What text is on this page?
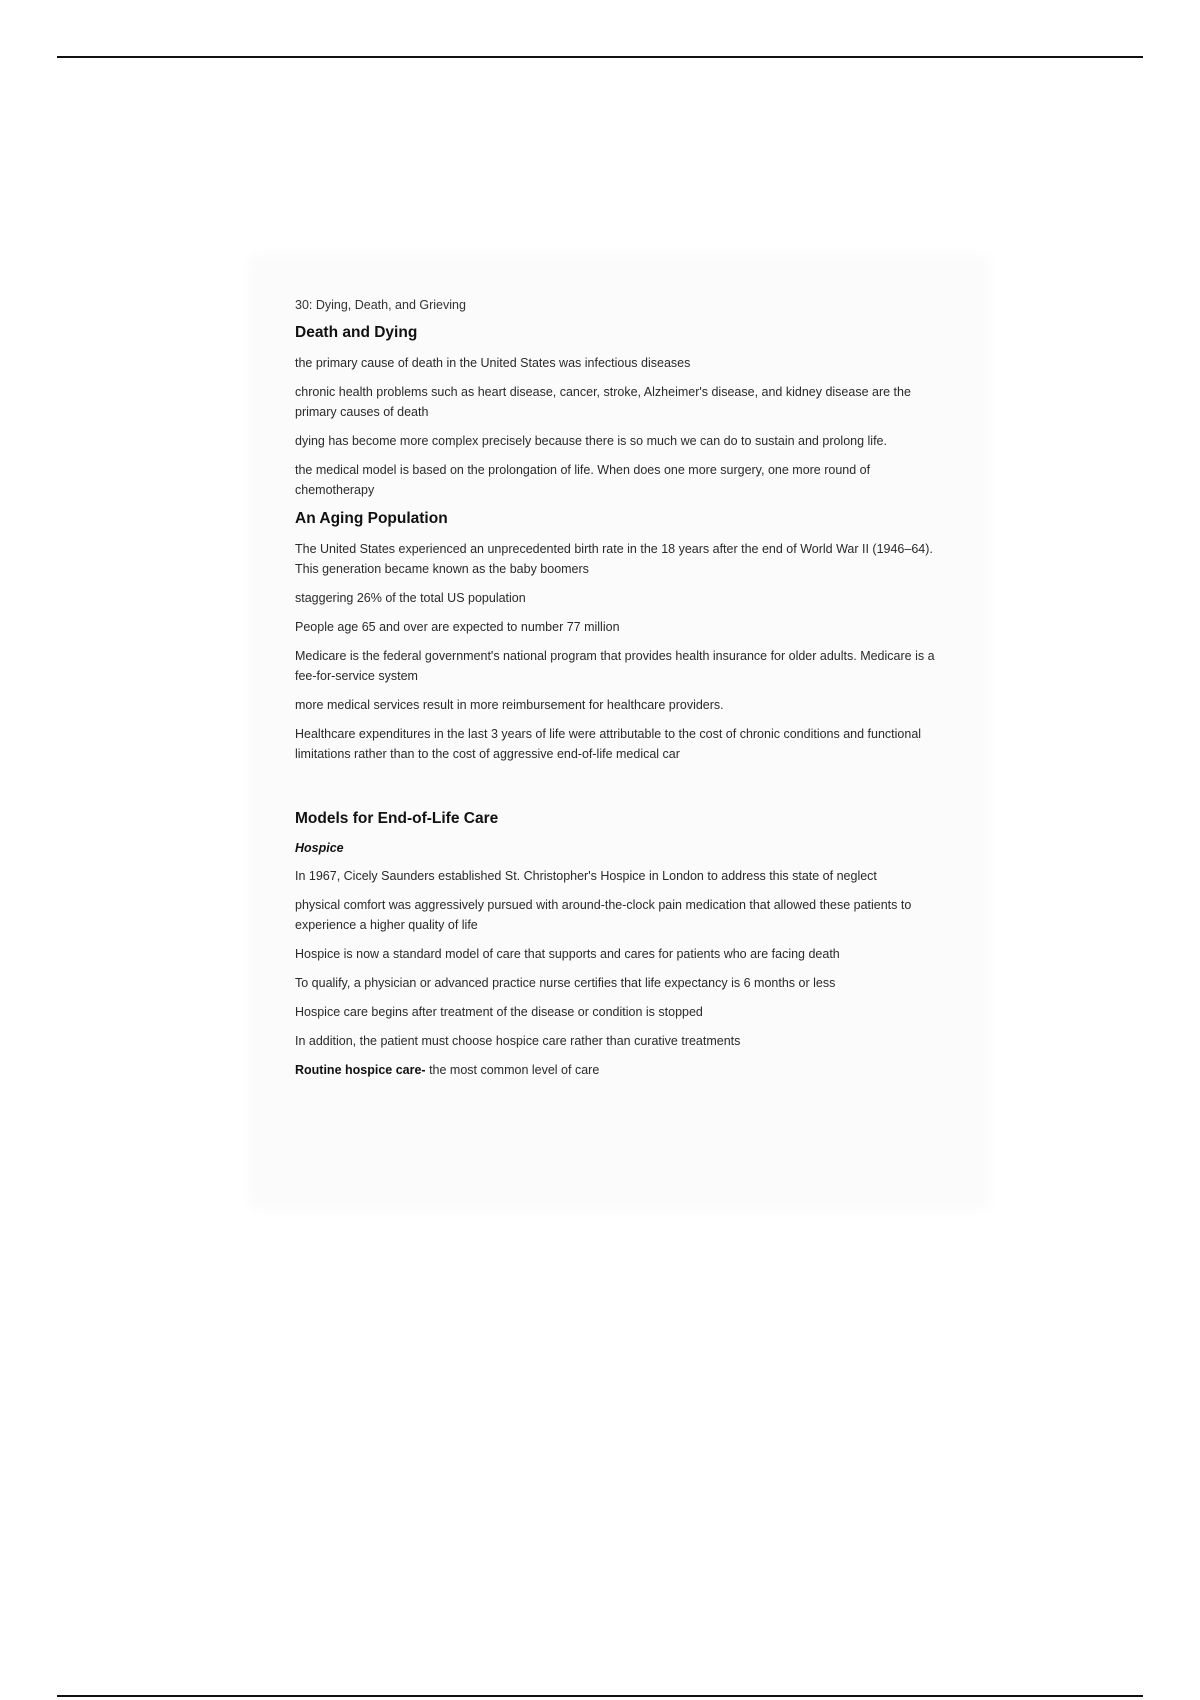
30: Dying, Death, and Grieving
Death and Dying

the primary cause of death in the United States was infectious diseases

chronic health problems such as heart disease, cancer, stroke, Alzheimer's disease, and kidney disease are the primary causes of death

dying has become more complex precisely because there is so much we can do to sustain and prolong life.

the medical model is based on the prolongation of life. When does one more surgery, one more round of chemotherapy

An Aging Population

The United States experienced an unprecedented birth rate in the 18 years after the end of World War II (1946–64). This generation became known as the baby boomers

staggering 26% of the total US population

People age 65 and over are expected to number 77 million

Medicare is the federal government's national program that provides health insurance for older adults. Medicare is a fee-for-service system

more medical services result in more reimbursement for healthcare providers.

Healthcare expenditures in the last 3 years of life were attributable to the cost of chronic conditions and functional limitations rather than to the cost of aggressive end-of-life medical car

Models for End-of-Life Care
Hospice

In 1967, Cicely Saunders established St. Christopher's Hospice in London to address this state of neglect

physical comfort was aggressively pursued with around-the-clock pain medication that allowed these patients to experience a higher quality of life

Hospice is now a standard model of care that supports and cares for patients who are facing death

To qualify, a physician or advanced practice nurse certifies that life expectancy is 6 months or less

Hospice care begins after treatment of the disease or condition is stopped

In addition, the patient must choose hospice care rather than curative treatments

Routine hospice care- the most common level of care
